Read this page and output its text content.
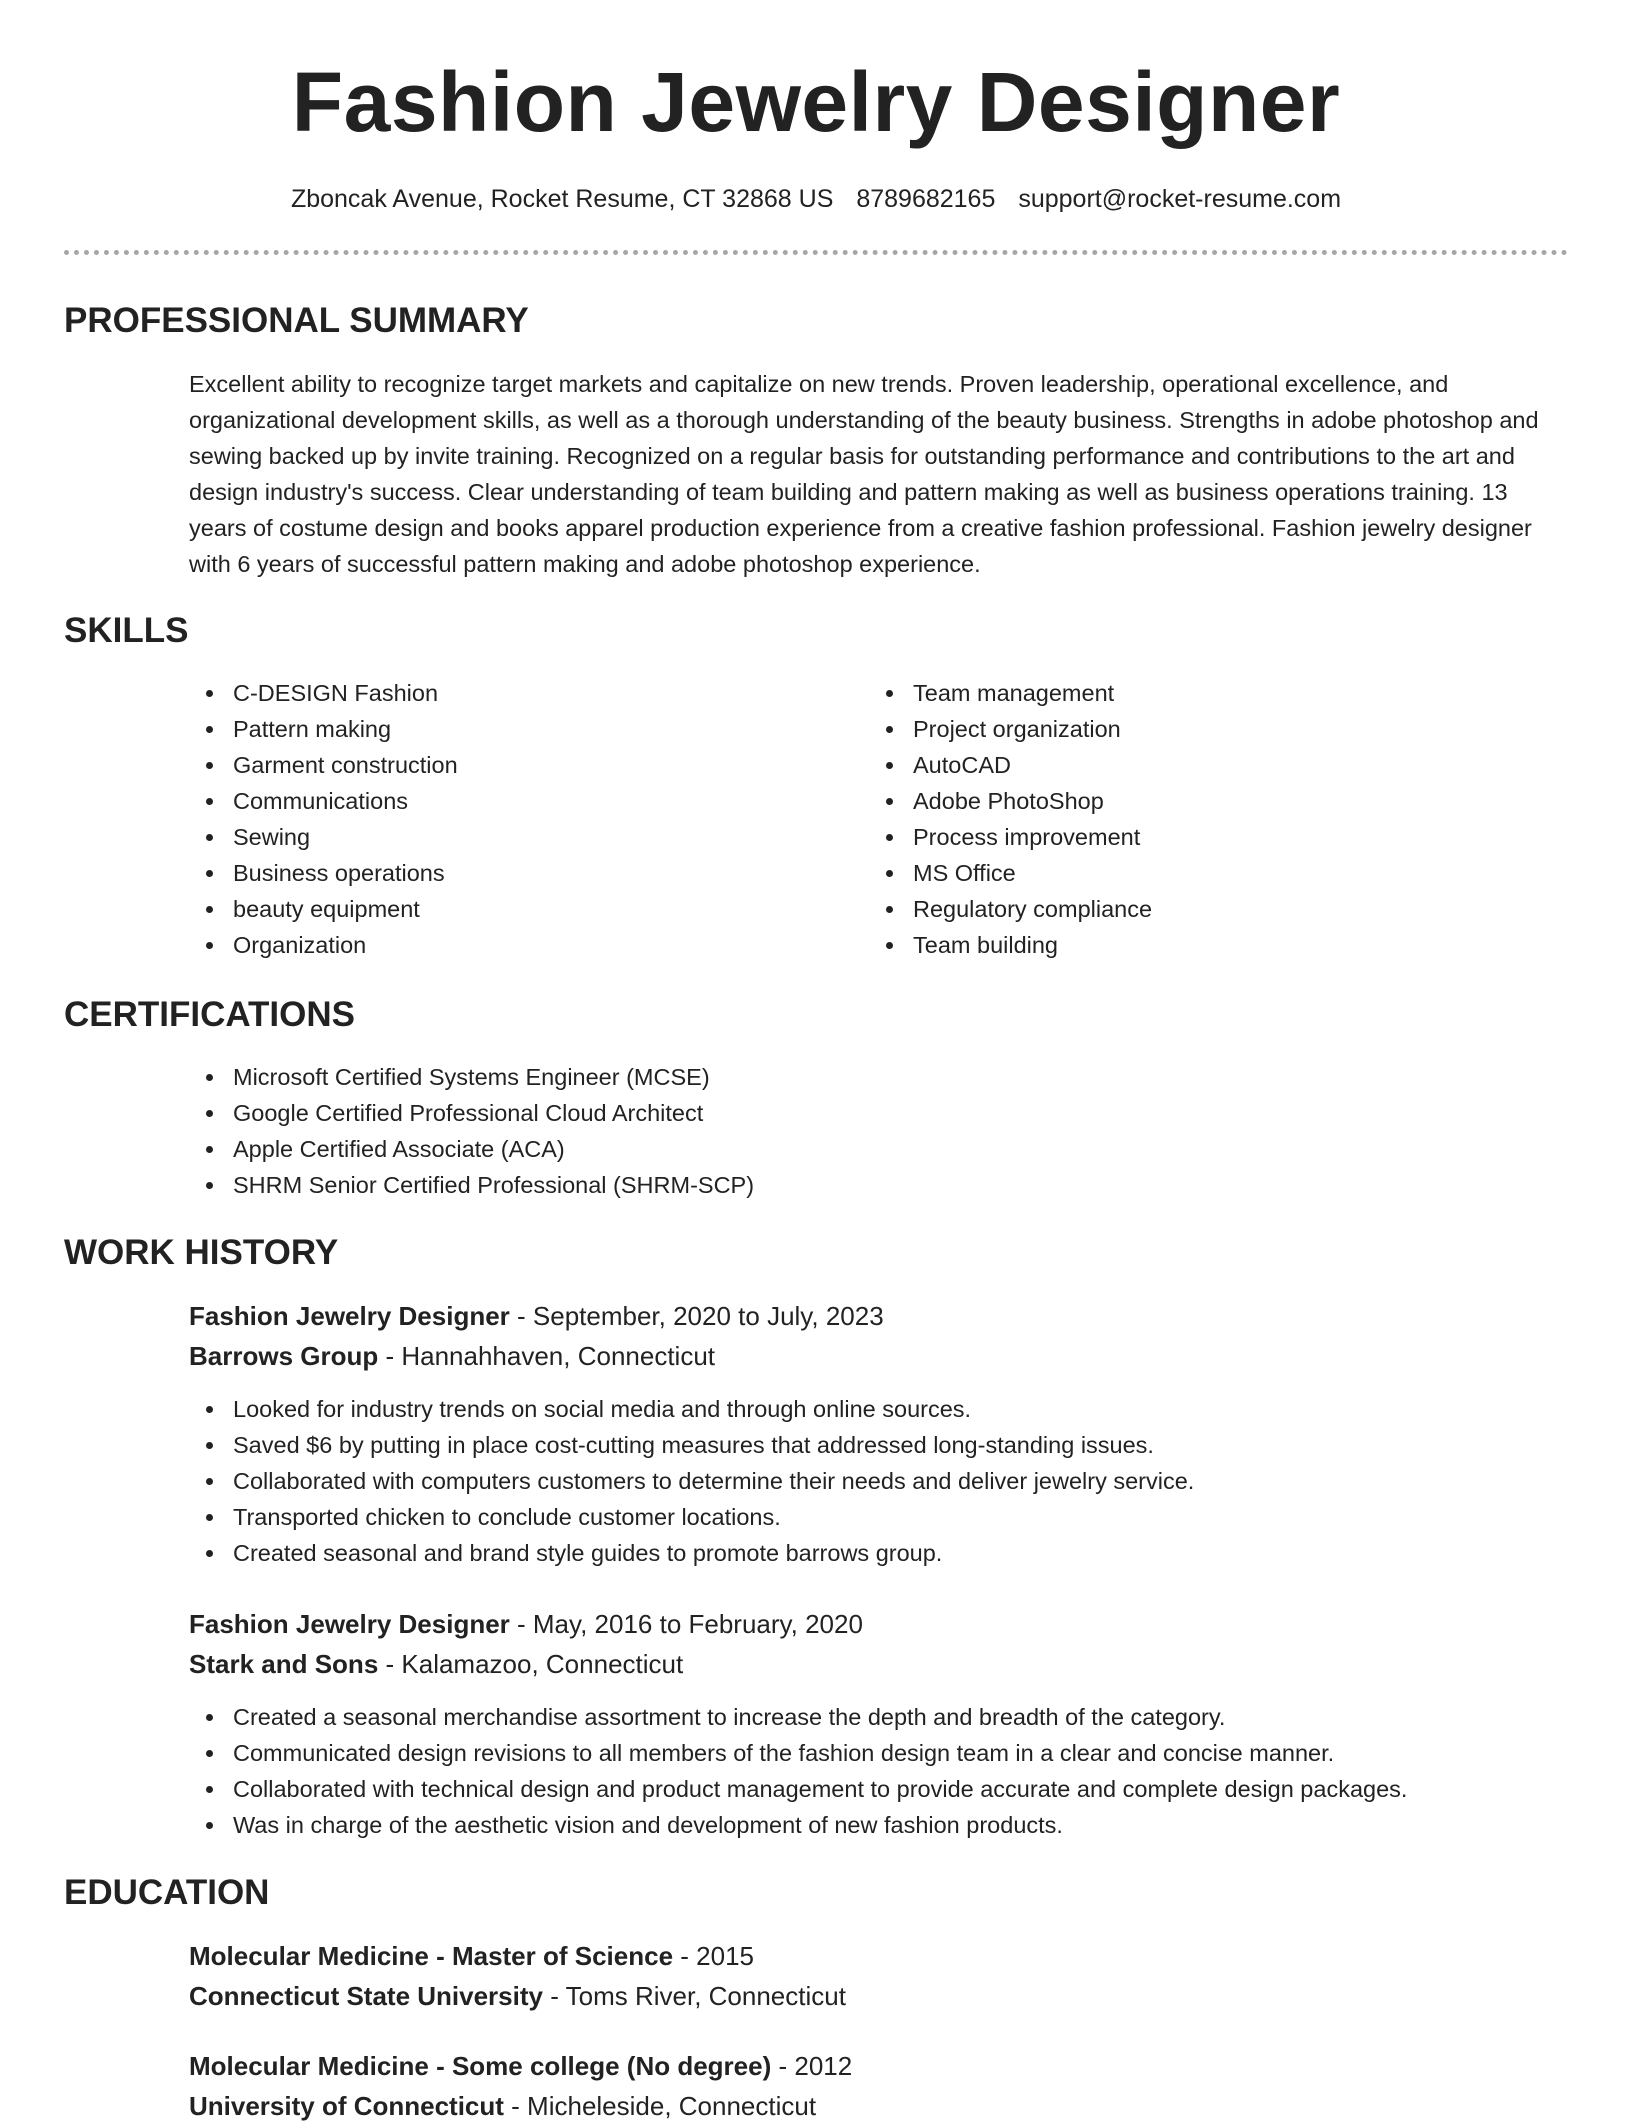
Fashion Jewelry Designer
Zboncak Avenue, Rocket Resume, CT 32868 US 8789682165 support@rocket-resume.com
PROFESSIONAL SUMMARY

Excellent ability to recognize target markets and capitalize on new trends. Proven leadership, operational excellence, and organizational development skills, as well as a thorough understanding of the beauty business. Strengths in adobe photoshop and sewing backed up by invite training. Recognized on a regular basis for outstanding performance and contributions to the art and design industry's success. Clear understanding of team building and pattern making as well as business operations training. 13 years of costume design and books apparel production experience from a creative fashion professional. Fashion jewelry designer with 6 years of successful pattern making and adobe photoshop experience.

SKILLS
C-DESIGN Fashion
Pattern making
Garment construction
Communications
Sewing
Business operations
beauty equipment
Organization
Team management
Project organization
AutoCAD
Adobe PhotoShop
Process improvement
MS Office
Regulatory compliance
Team building
CERTIFICATIONS
Microsoft Certified Systems Engineer (MCSE)
Google Certified Professional Cloud Architect
Apple Certified Associate (ACA)
SHRM Senior Certified Professional (SHRM-SCP)
WORK HISTORY
Fashion Jewelry Designer - September, 2020 to July, 2023
Barrows Group - Hannahhaven, Connecticut
Looked for industry trends on social media and through online sources.
Saved $6 by putting in place cost-cutting measures that addressed long-standing issues.
Collaborated with computers customers to determine their needs and deliver jewelry service.
Transported chicken to conclude customer locations.
Created seasonal and brand style guides to promote barrows group.
Fashion Jewelry Designer - May, 2016 to February, 2020
Stark and Sons - Kalamazoo, Connecticut
Created a seasonal merchandise assortment to increase the depth and breadth of the category.
Communicated design revisions to all members of the fashion design team in a clear and concise manner.
Collaborated with technical design and product management to provide accurate and complete design packages.
Was in charge of the aesthetic vision and development of new fashion products.
EDUCATION
Molecular Medicine - Master of Science - 2015
Connecticut State University - Toms River, Connecticut
Molecular Medicine - Some college (No degree) - 2012
University of Connecticut - Micheleside, Connecticut
